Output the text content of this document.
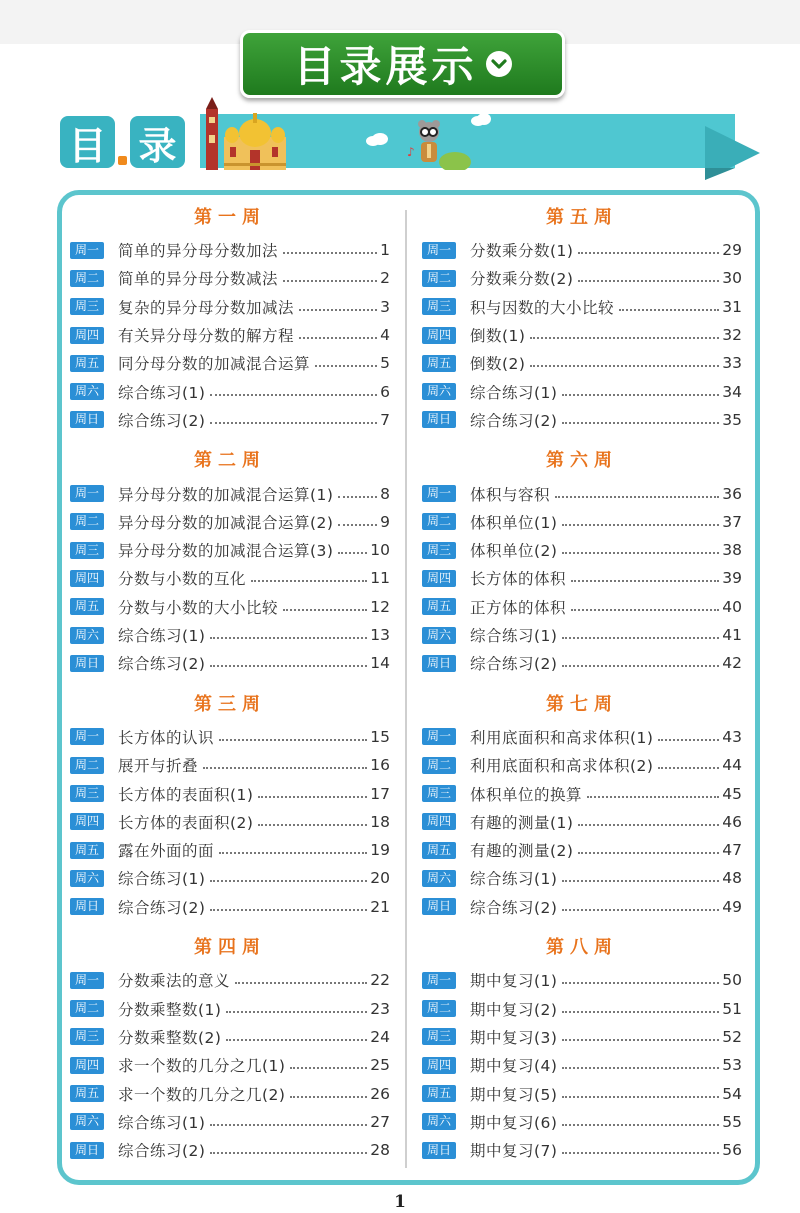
目录展示
目 录	♪
第一周
周一	简单的异分母分数加法	1
周二	简单的异分母分数减法	2
周三	复杂的异分母分数加减法	3
周四	有关异分母分数的解方程	4
周五	同分母分数的加减混合运算	5
周六	综合练习(1)	6
周日	综合练习(2)	7
第二周
周一	异分母分数的加减混合运算(1)	8
周二	异分母分数的加减混合运算(2)	9
周三	异分母分数的加减混合运算(3) 10
周四	分数与小数的互化	11
周五	分数与小数的大小比较	12
周六	综合练习(1)	13
周日	综合练习(2)	14
第三周
周一	长方体的认识	15
周二	展开与折叠	16
周三	长方体的表面积(1)	17
周四	长方体的表面积(2)	18
周五	露在外面的面	19
周六	综合练习(1)	20
周日	综合练习(2)	21
第四周
周一	分数乘法的意义	22
周二	分数乘整数(1)	23
周三	分数乘整数(2)	24
周四	求一个数的几分之几(1)	25
周五	求一个数的几分之几(2)	26
周六	综合练习(1)	27
周日	综合练习(2)	28
第五周
周一	分数乘分数(1)	29
周二	分数乘分数(2)	30
周三	积与因数的大小比较	31
周四	倒数(1)	32
周五	倒数(2)	33
周六	综合练习(1)	34
周日	综合练习(2)	35
第六周
周一	体积与容积	36
周二	体积单位(1)	37
周三	体积单位(2)	38
周四	长方体的体积	39
周五	正方体的体积	40
周六	综合练习(1)	41
周日	综合练习(2)	42
第七周
周一	利用底面积和高求体积(1)	43
周二	利用底面积和高求体积(2)	44
周三	体积单位的换算	45
周四	有趣的测量(1)	46
周五	有趣的测量(2)	47
周六	综合练习(1)	48
周日	综合练习(2)	49
第八周
周一	期中复习(1)	50
周二	期中复习(2)	51
周三	期中复习(3)	52
周四	期中复习(4)	53
周五	期中复习(5)	54
周六	期中复习(6)	55
周日	期中复习(7)	56
1
